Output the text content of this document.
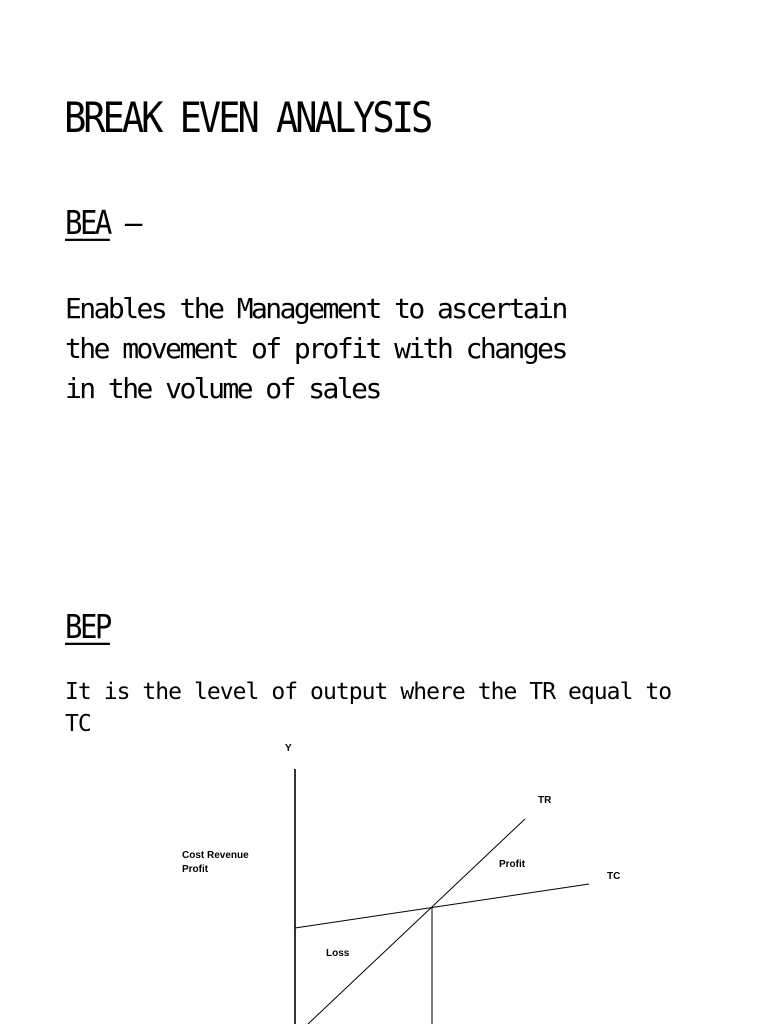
BREAK EVEN ANALYSIS
BEA –

Enables the Management to ascertain
the movement of profit with changes
in the volume of sales

BEP

It is the level of output where the TR equal to
TC

Y
Cost Revenue
Profit
TR
TC
Profit
Loss
